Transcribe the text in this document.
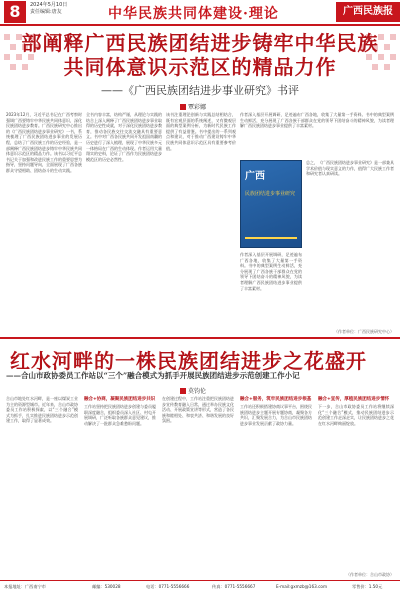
8	2024年5月10日
责任编辑:唐友	中华民族共同体建设·理论	广西民族报
部阐释广西民族团结进步铸牢中华民族
共同体意识示范区的精品力作
——《广西民族团结进步事业研究》书评
覃彩娜
2023年12月，习近平总书记在广西考察时强调广西要铸牢中华民族共同体意识，深化民族团结进步教育。广西民族研究中心推出的《广西民族团结进步事业研究》一书，系统梳理了广西民族团结进步事业的发展历程，总结了广西民族工作的历史经验，是一部阐释广西民族团结进步铸牢中华民族共同体意识示范区的精品力作。该书以习近平总书记关于加强和改进民族工作的重要思想为指导，坚持问题导向，全面展现了广西各族群众守望相助、团结奋斗的生动实践。
全书内容丰富，结构严谨，从理论与实践的结合上深入阐释了广西民族团结进步事业取得的历史性成就，对于深化民族团结进步教育，推动各民族交往交流交融具有重要意义。书中对广西各民族共同开发祖国南疆的历史进行了深入梳理，展现了中华民族多元一体格局在广西的生动体现。作者运用大量翔实的史料，论证了广西作为民族团结进步模范区的历史必然性。
该书注重理论创新与实践总结相结合，既有宏观层面的系统阐述，又有微观层面的典型案例分析，为新时代民族工作提供了有益借鉴。书中提出的一系列观点和建议，对于推动广西建设铸牢中华民族共同体意识示范区具有重要参考价值。
作者深入基层开展调研，足迹遍布广西各地，收集了大量第一手资料。书中的典型案例生动鲜活，充分展现了广西各族干部群众在党的领导下团结奋斗的精神风貌，为读者理解广西民族团结进步事业提供了丰富素材。
总之，《广西民族团结进步事业研究》是一部兼具学术价值与现实意义的力作，值得广大民族工作者和研究者认真研读。
作者深入基层开展调研，足迹遍布广西各地，收集了大量第一手资料。书中的典型案例生动鲜活，充分展现了广西各族干部群众在党的领导下团结奋斗的精神风貌，为读者理解广西民族团结进步事业提供了丰富素材。
广西
民族团结进步事业研究
（作者单位：广西民族研究中心）
红水河畔的一株民族团结进步之花盛开
——合山市政协委员工作站以“三个”融合模式为抓手开展民族团结进步示范创建工作小记
莫钧伦
合山市地处红水河畔，是一座以煤炭工业为主的资源型城市。近年来，合山市政协委员工作站积极探索，以“三个融合”模式为抓手，扎实推进民族团结进步示范创建工作，取得了显著成效。
融合+协商，凝聚民族团结进步共识
工作站坚持把民族团结进步创建与委员履职深度融合，组织委员深入社区、村屯开展调研，广泛听取各族群众意见建议，推动解决了一批群众急难愁盼问题。
在创建过程中，工作站注重把民族团结进步宣传教育融入日常，通过举办民族文化活动、开展政策宣讲等形式，营造了各民族和睦相处、和衷共济、和谐发展的良好氛围。
融合+服务，筑牢民族团结进步根基
工作站还积极搭建协商议事平台，围绕民族团结进步主题开展专题协商，凝聚各方共识，汇聚发展合力，为合山市民族团结进步事业发展贡献了政协力量。
融合+宣传，厚植民族团结进步情怀
下一步，合山市政协委员工作站将继续深化“三个融合”模式，推动民族团结进步示范创建工作走深走实，让民族团结进步之花在红水河畔绚丽绽放。
（作者单位：合山市政协）
本报地址：广西南宁市	邮编：530028	电话：0771-5556666	传真：0771-5556667	E-mail:gxmzb@163.com	零售价：1.50元
